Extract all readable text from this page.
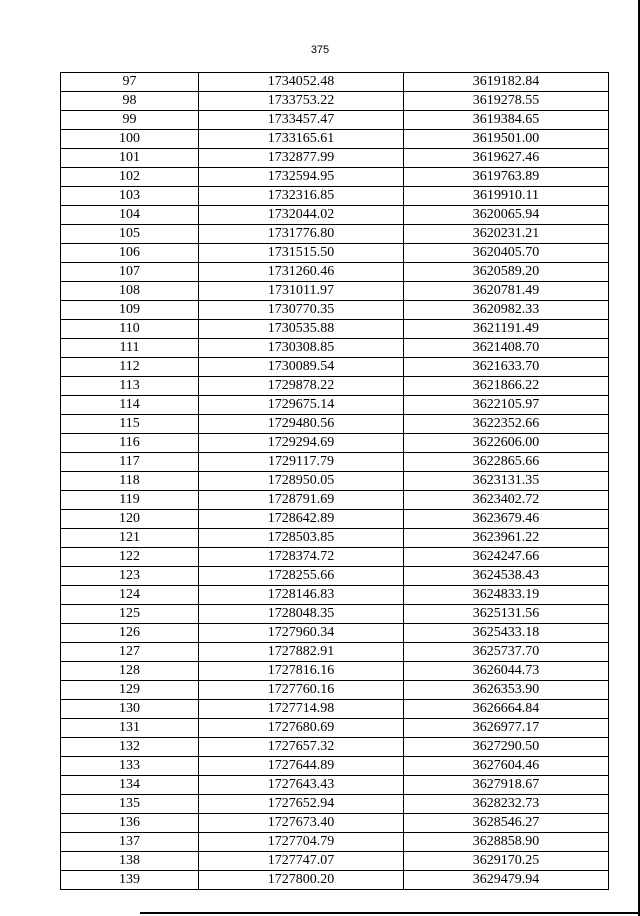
375
97	1734052.48	3619182.84
98	1733753.22	3619278.55
99	1733457.47	3619384.65
100	1733165.61	3619501.00
101	1732877.99	3619627.46
102	1732594.95	3619763.89
103	1732316.85	3619910.11
104	1732044.02	3620065.94
105	1731776.80	3620231.21
106	1731515.50	3620405.70
107	1731260.46	3620589.20
108	1731011.97	3620781.49
109	1730770.35	3620982.33
110	1730535.88	3621191.49
111	1730308.85	3621408.70
112	1730089.54	3621633.70
113	1729878.22	3621866.22
114	1729675.14	3622105.97
115	1729480.56	3622352.66
116	1729294.69	3622606.00
117	1729117.79	3622865.66
118	1728950.05	3623131.35
119	1728791.69	3623402.72
120	1728642.89	3623679.46
121	1728503.85	3623961.22
122	1728374.72	3624247.66
123	1728255.66	3624538.43
124	1728146.83	3624833.19
125	1728048.35	3625131.56
126	1727960.34	3625433.18
127	1727882.91	3625737.70
128	1727816.16	3626044.73
129	1727760.16	3626353.90
130	1727714.98	3626664.84
131	1727680.69	3626977.17
132	1727657.32	3627290.50
133	1727644.89	3627604.46
134	1727643.43	3627918.67
135	1727652.94	3628232.73
136	1727673.40	3628546.27
137	1727704.79	3628858.90
138	1727747.07	3629170.25
139	1727800.20	3629479.94
